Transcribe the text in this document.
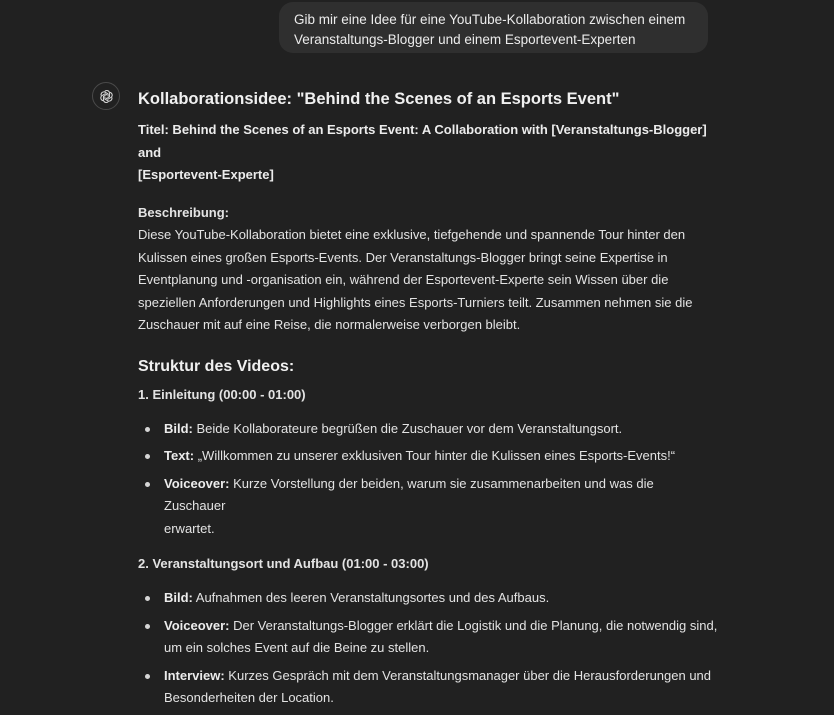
Gib mir eine Idee für eine YouTube-Kollaboration zwischen einem
Veranstaltungs-Blogger und einem Esportevent-Experten
Kollaborationsidee: "Behind the Scenes of an Esports Event"
Titel: Behind the Scenes of an Esports Event: A Collaboration with [Veranstaltungs-Blogger] and
[Esportevent-Experte]
Beschreibung:
Diese YouTube-Kollaboration bietet eine exklusive, tiefgehende und spannende Tour hinter den
Kulissen eines großen Esports-Events. Der Veranstaltungs-Blogger bringt seine Expertise in
Eventplanung und -organisation ein, während der Esportevent-Experte sein Wissen über die
speziellen Anforderungen und Highlights eines Esports-Turniers teilt. Zusammen nehmen sie die
Zuschauer mit auf eine Reise, die normalerweise verborgen bleibt.
Struktur des Videos:
1. Einleitung (00:00 - 01:00)
Bild: Beide Kollaborateure begrüßen die Zuschauer vor dem Veranstaltungsort.
Text: „Willkommen zu unserer exklusiven Tour hinter die Kulissen eines Esports-Events!“
Voiceover: Kurze Vorstellung der beiden, warum sie zusammenarbeiten und was die Zuschauer
erwartet.
2. Veranstaltungsort und Aufbau (01:00 - 03:00)
Bild: Aufnahmen des leeren Veranstaltungsortes und des Aufbaus.
Voiceover: Der Veranstaltungs-Blogger erklärt die Logistik und die Planung, die notwendig sind,
um ein solches Event auf die Beine zu stellen.
Interview: Kurzes Gespräch mit dem Veranstaltungsmanager über die Herausforderungen und
Besonderheiten der Location.
